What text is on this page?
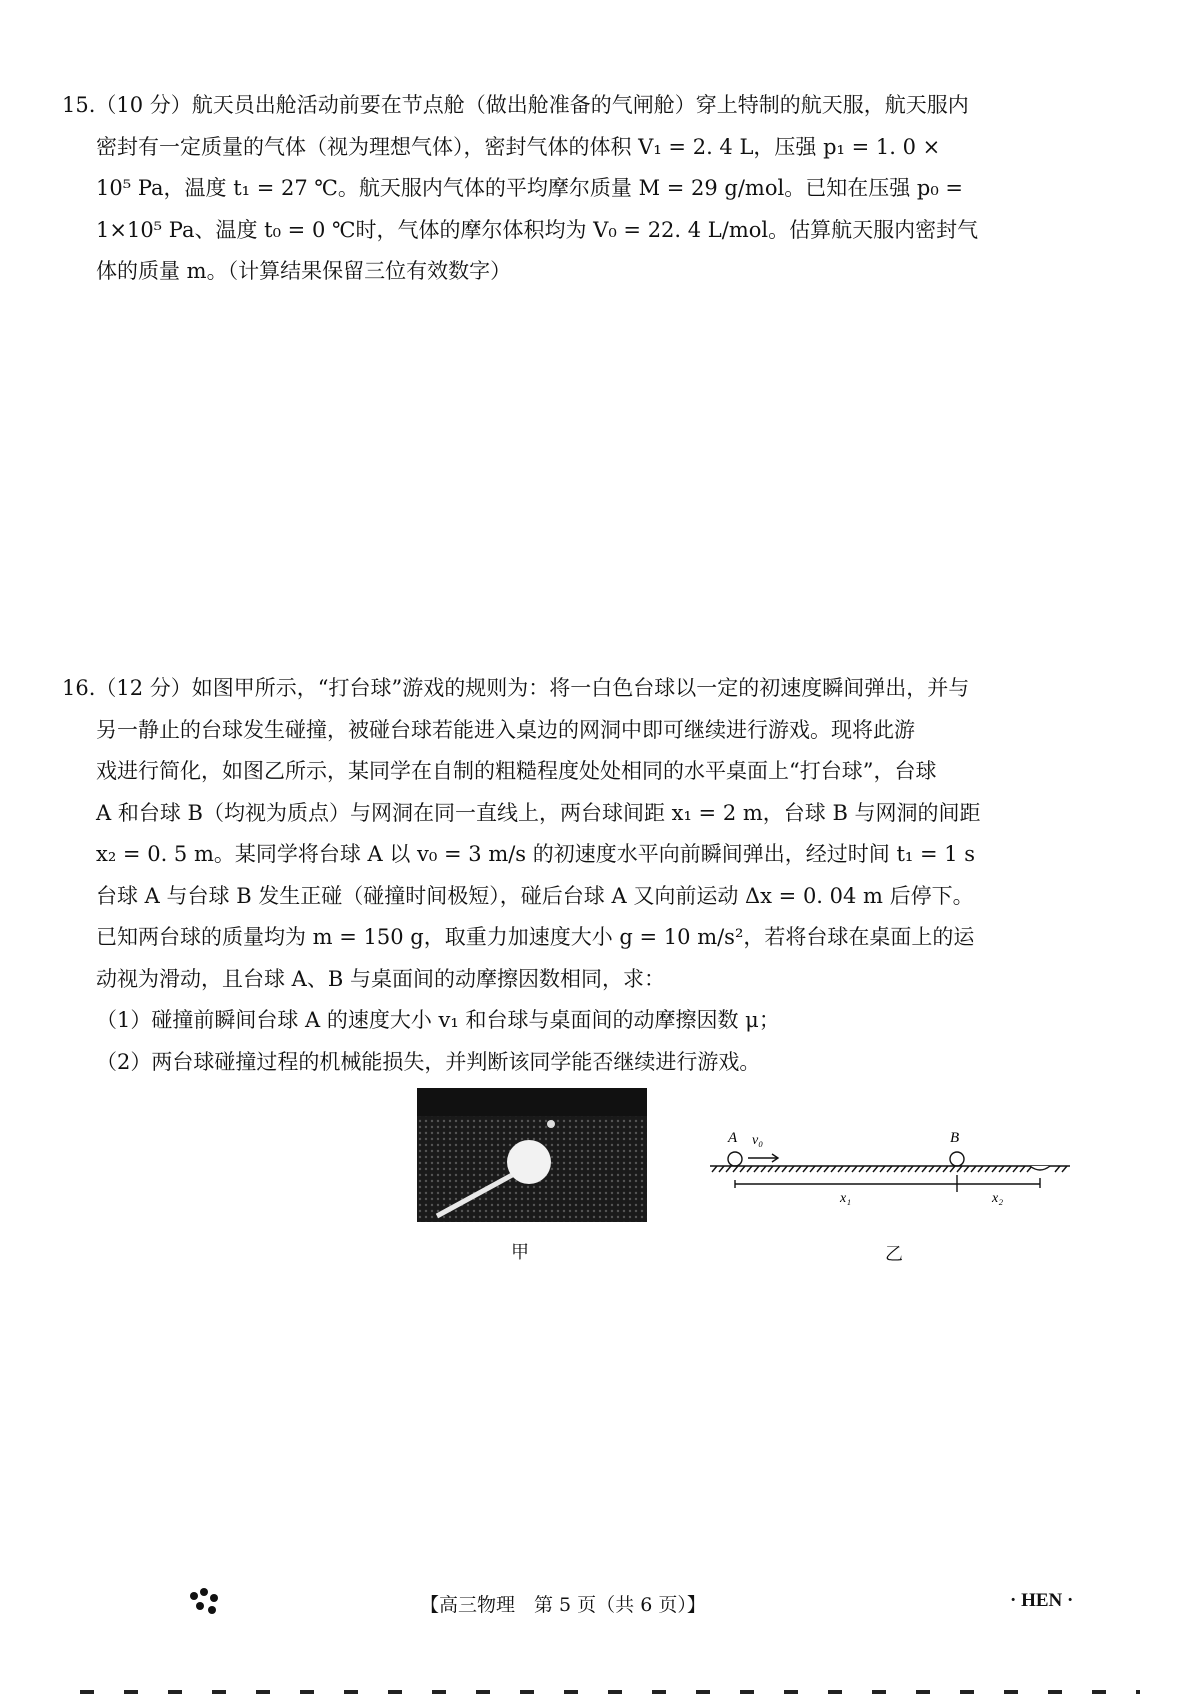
15.（10 分）航天员出舱活动前要在节点舱（做出舱准备的气闸舱）穿上特制的航天服，航天服内
密封有一定质量的气体（视为理想气体），密封气体的体积 V₁ = 2. 4 L，压强 p₁ = 1. 0 ×
10⁵ Pa，温度 t₁ = 27 ℃。航天服内气体的平均摩尔质量 M = 29 g/mol。已知在压强 p₀ =
1×10⁵ Pa、温度 t₀ = 0 ℃时，气体的摩尔体积均为 V₀ = 22. 4 L/mol。估算航天服内密封气
体的质量 m。（计算结果保留三位有效数字）
16.（12 分）如图甲所示，“打台球”游戏的规则为：将一白色台球以一定的初速度瞬间弹出，并与
另一静止的台球发生碰撞，被碰台球若能进入桌边的网洞中即可继续进行游戏。现将此游
戏进行简化，如图乙所示，某同学在自制的粗糙程度处处相同的水平桌面上“打台球”，台球
A 和台球 B（均视为质点）与网洞在同一直线上，两台球间距 x₁ = 2 m，台球 B 与网洞的间距
x₂ = 0. 5 m。某同学将台球 A 以 v₀ = 3 m/s 的初速度水平向前瞬间弹出，经过时间 t₁ = 1 s
台球 A 与台球 B 发生正碰（碰撞时间极短），碰后台球 A 又向前运动 Δx = 0. 04 m 后停下。
已知两台球的质量均为 m = 150 g，取重力加速度大小 g = 10 m/s²，若将台球在桌面上的运
动视为滑动，且台球 A、B 与桌面间的动摩擦因数相同，求：
（1）碰撞前瞬间台球 A 的速度大小 v₁ 和台球与桌面间的动摩擦因数 μ；
（2）两台球碰撞过程的机械能损失，并判断该同学能否继续进行游戏。
甲
A v₀	B
x₁	x₂
乙
【高三物理　第 5 页（共 6 页）】	· HEN ·
